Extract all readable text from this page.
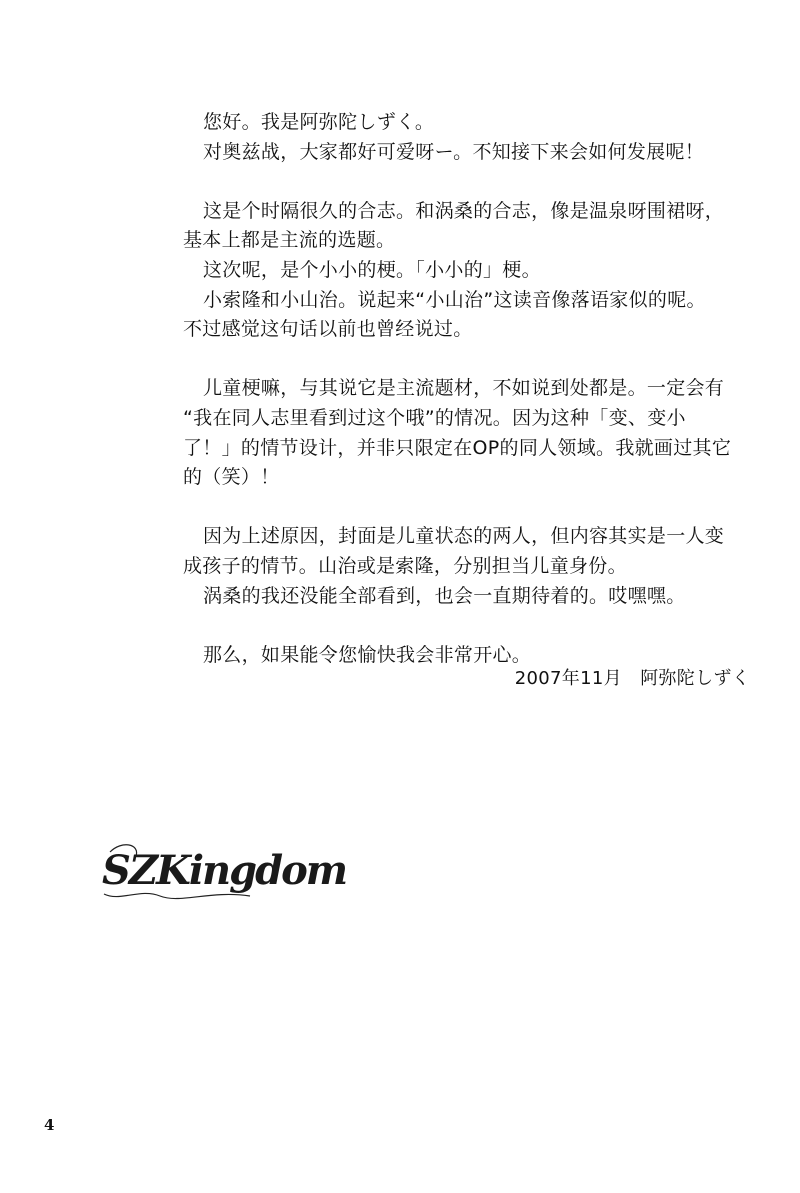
您好。我是阿弥陀しずく。
对奥兹战，大家都好可爱呀ー。不知接下来会如何发展呢！
这是个时隔很久的合志。和涡桑的合志，像是温泉呀围裙呀，
基本上都是主流的选题。
这次呢，是个小小的梗。「小小的」梗。
小索隆和小山治。说起来“小山治”这读音像落语家似的呢。
不过感觉这句话以前也曾经说过。
儿童梗嘛，与其说它是主流题材，不如说到处都是。一定会有
“我在同人志里看到过这个哦”的情况。因为这种「变、变小
了！」的情节设计，并非只限定在OP的同人领域。我就画过其它
的（笑）！
因为上述原因，封面是儿童状态的两人，但内容其实是一人变
成孩子的情节。山治或是索隆，分别担当儿童身份。
涡桑的我还没能全部看到，也会一直期待着的。哎嘿嘿。
那么，如果能令您愉快我会非常开心。
2007年11月　阿弥陀しずく
SZKingdom
4
